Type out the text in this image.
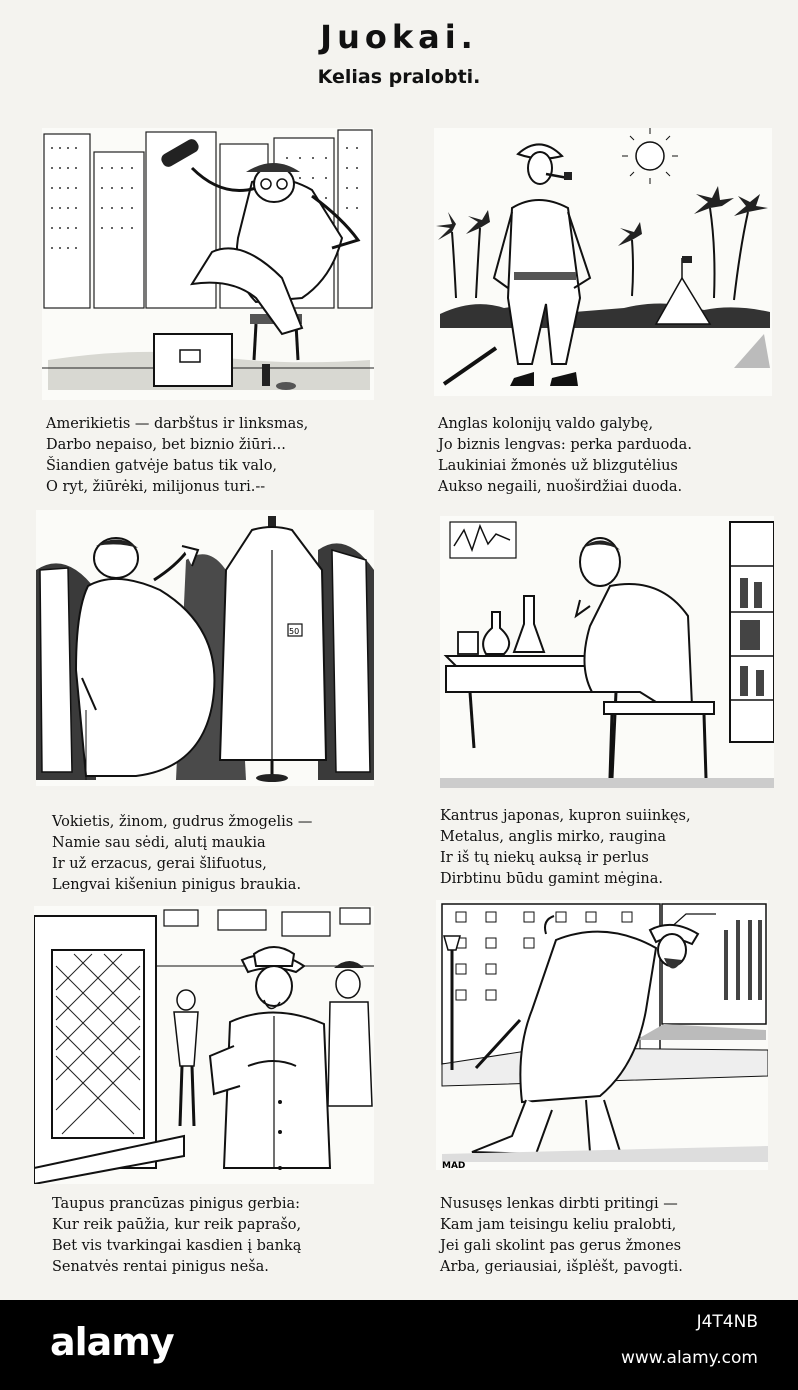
Juokai.
Kelias pralobti.
Amerikietis — darbštus ir linksmas,
Darbo nepaiso, bet biznio žiūri...
Šiandien gatvėje batus tik valo,
O ryt, žiūrėki, milijonus turi.--
Anglas kolonijų valdo galybę,
Jo biznis lengvas: perka parduoda.
Laukiniai žmonės už blizgutėlius
Aukso negaili, nuoširdžiai duoda.
50
Vokietis, žinom, gudrus žmogelis —
Namie sau sėdi, alutį maukia
Ir už erzacus, gerai šlifuotus,
Lengvai kišeniun pinigus braukia.
Kantrus japonas, kupron suiinkęs,
Metalus, anglis mirko, raugina
Ir iš tų niekų auksą ir perlus
Dirbtinu būdu gamint mėgina.
Taupus prancūzas pinigus gerbia:
Kur reik paūžia, kur reik paprašo,
Bet vis tvarkingai kasdien į banką
Senatvės rentai pinigus neša.
MAD
Nususęs lenkas dirbti pritingi —
Kam jam teisingu keliu pralobti,
Jei gali skolint pas gerus žmones
Arba, geriausiai, išplėšt, pavogti.
alamy	J4T4NB
www.alamy.com
